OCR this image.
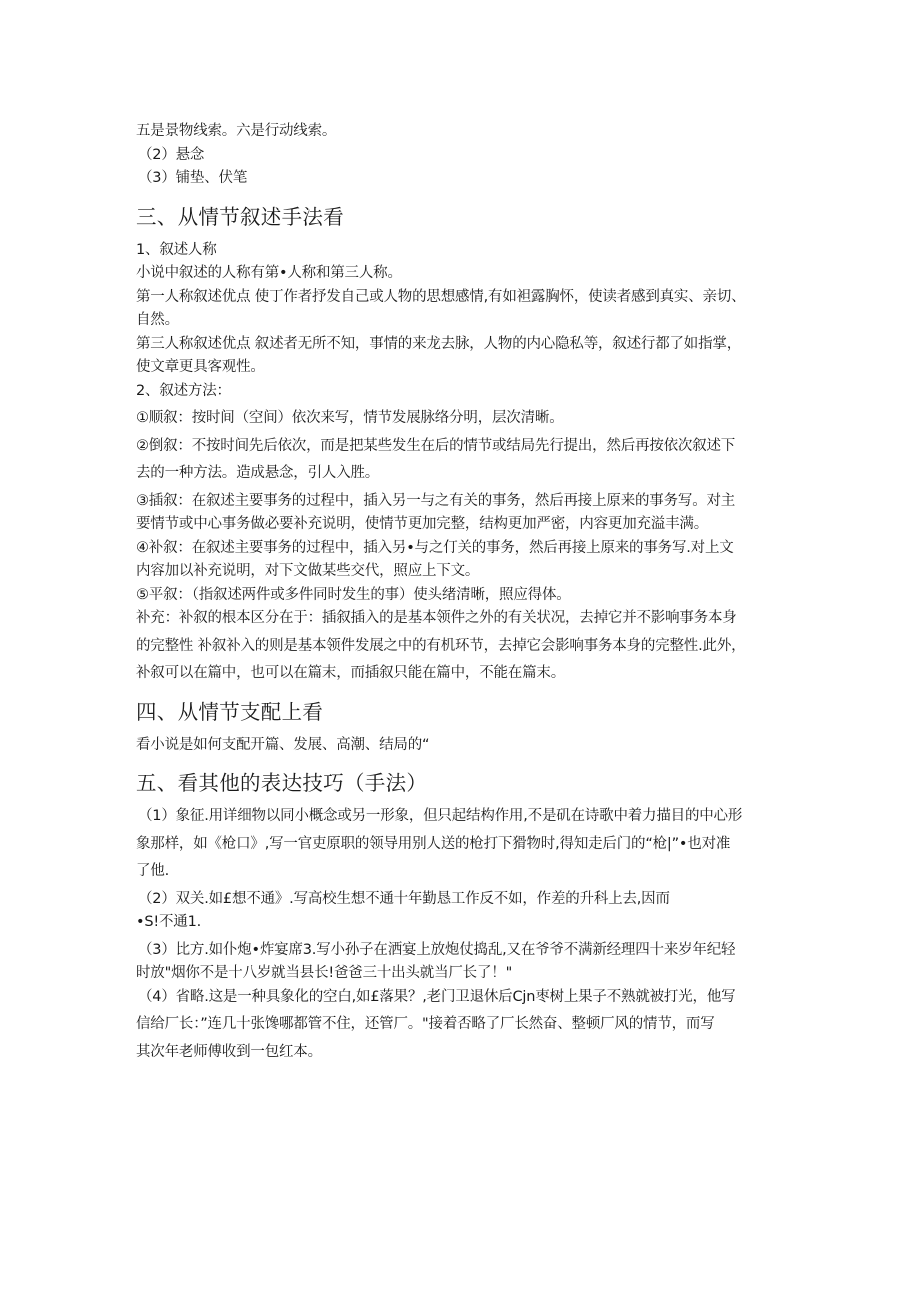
五是景物线索。六是行动线索。

（2）悬念

（3）铺垫、伏笔

三、从情节叙述手法看

1、叙述人称

小说中叙述的人称有第•人称和第三人称。

第一人称叙述优点 使丁作者抒发自己或人物的思想感情,有如袒露胸怀，使读者感到真实、亲切、

自然。

第三人称叙述优点 叙述者无所不知，事情的来龙去脉，人物的内心隐私等，叙述行都了如指掌，

使文章更具客观性。

2、叙述方法：

①顺叙：按时间（空间）依次来写，情节发展脉络分明，层次清晰。

②倒叙：不按时间先后依次，而是把某些发生在后的情节或结局先行提出，然后再按依次叙述下

去的一种方法。造成悬念，引人入胜。

③插叙：在叙述主要事务的过程中，插入另一与之有关的事务，然后再接上原来的事务写。对主

要情节或中心事务做必要补充说明，使情节更加完整，结构更加严密，内容更加充溢丰满。

④补叙：在叙述主要事务的过程中，插入另•与之仃关的事务，然后再接上原来的事务写.对上文

内容加以补充说明，对下文做某些交代，照应上下文。

⑤平叙：（指叙述两件或多件同时发生的事）使头绪清晰，照应得体。

补充：补叙的根本区分在于：插叙插入的是基本领件之外的有关状况，去掉它并不影响事务本身

的完整性 补叙补入的则是基本领件发展之中的有机环节，去掉它会影响事务本身的完整性.此外，

补叙可以在篇中，也可以在篇末，而插叙只能在篇中，不能在篇末。

四、从情节支配上看

看小说是如何支配开篇、发展、高潮、结局的“

五、看其他的表达技巧（手法）

（1）象征.用详细物以同小概念或另一形象，但只起结构作用,不是矶在诗歌中着力描目的中心形

象那样，如《枪口》,写一官吏原职的领导用别人送的枪打下猾物时,得知走后门的“枪|”•也对准

了他.

（2）双关.如£想不通》.写高校生想不通十年勤恳工作反不如，作差的升科上去,因而

•S!不通1.

（3）比方.如仆炮•炸宴席3.写小孙子在洒宴上放炮仗捣乱,又在爷爷不满新经理四十来岁年纪轻

时放"烟你不是十八岁就当县长!爸爸三十出头就当厂长了！"

（4）省略.这是一种具象化的空白,如£落果？,老门卫退休后Cjn枣树上果子不熟就被打光，他写

信给厂长：”连几十张馋哪都管不住，还管厂。"接着否略了厂长然奋、整顿厂风的情节，而写

其次年老师傅收到一包红本。
